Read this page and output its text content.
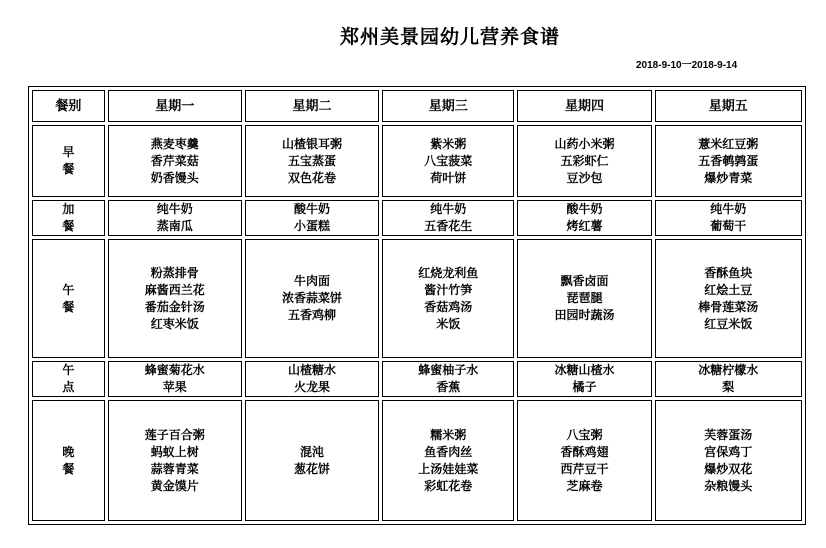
郑州美景园幼儿营养食谱
2018-9-10一2018-9-14
餐别	星期一	星期二	星期三	星期四	星期五

早
餐	燕麦枣羹
香芹菜菇
奶香馒头	山楂银耳粥
五宝蒸蛋
双色花卷	紫米粥
八宝菠菜
荷叶饼	山药小米粥
五彩虾仁
豆沙包	薏米红豆粥
五香鹌鹑蛋
爆炒青菜

加
餐	纯牛奶
蒸南瓜	酸牛奶
小蛋糕	纯牛奶
五香花生	酸牛奶
烤红薯	纯牛奶
葡萄干

午
餐	粉蒸排骨
麻酱西兰花
番茄金针汤
红枣米饭	牛肉面
浓香蒜菜饼
五香鸡柳	红烧龙利鱼
酱汁竹笋
香菇鸡汤
米饭	飘香卤面
琵琶腿
田园时蔬汤	香酥鱼块
红烩土豆
棒骨莲菜汤
红豆米饭

午
点	蜂蜜菊花水
苹果	山楂糖水
火龙果	蜂蜜柚子水
香蕉	冰糖山楂水
橘子	冰糖柠檬水
梨

晚
餐	莲子百合粥
蚂蚁上树
蒜蓉青菜
黄金馍片	混沌
葱花饼	糯米粥
鱼香肉丝
上汤娃娃菜
彩虹花卷	八宝粥
香酥鸡翅
西芹豆干
芝麻卷	芙蓉蛋汤
宫保鸡丁
爆炒双花
杂粮馒头
